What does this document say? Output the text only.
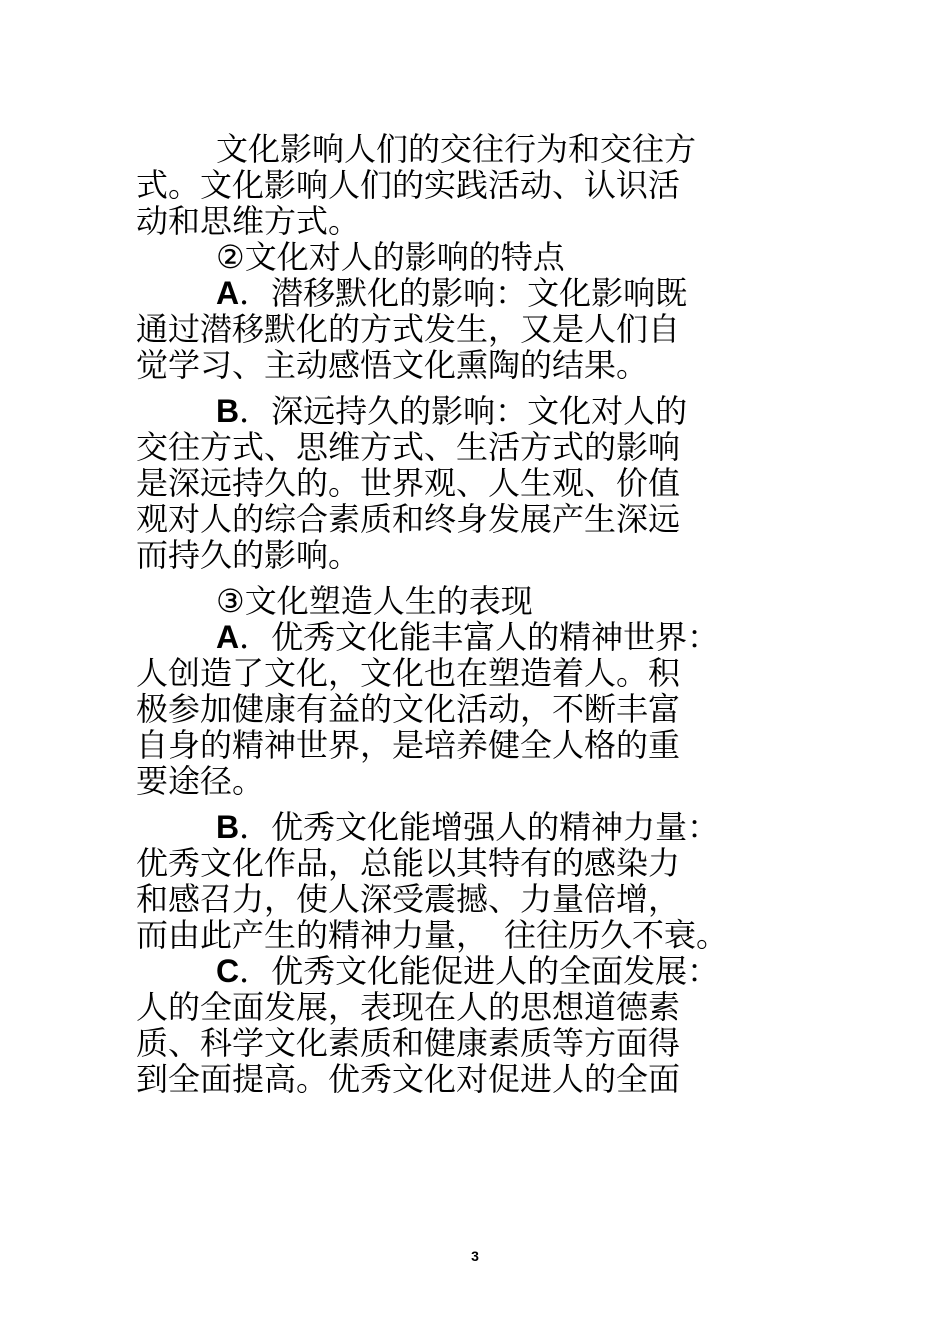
文化影响人们的交往行为和交往方
式。文化影响人们的实践活动、认识活
动和思维方式。
②文化对人的影响的特点
A．潜移默化的影响：文化影响既
通过潜移默化的方式发生，又是人们自
觉学习、主动感悟文化熏陶的结果。
B．深远持久的影响：文化对人的
交往方式、思维方式、生活方式的影响
是深远持久的。世界观、人生观、价值
观对人的综合素质和终身发展产生深远
而持久的影响。
③文化塑造人生的表现
A．优秀文化能丰富人的精神世界：
人创造了文化，文化也在塑造着人。积
极参加健康有益的文化活动，不断丰富
自身的精神世界，是培养健全人格的重
要途径。
B．优秀文化能增强人的精神力量：
优秀文化作品，总能以其特有的感染力
和感召力，使人深受震撼、力量倍增，
而由此产生的精神力量，　往往历久不衰。
C．优秀文化能促进人的全面发展：
人的全面发展，表现在人的思想道德素
质、科学文化素质和健康素质等方面得
到全面提高。优秀文化对促进人的全面
3
